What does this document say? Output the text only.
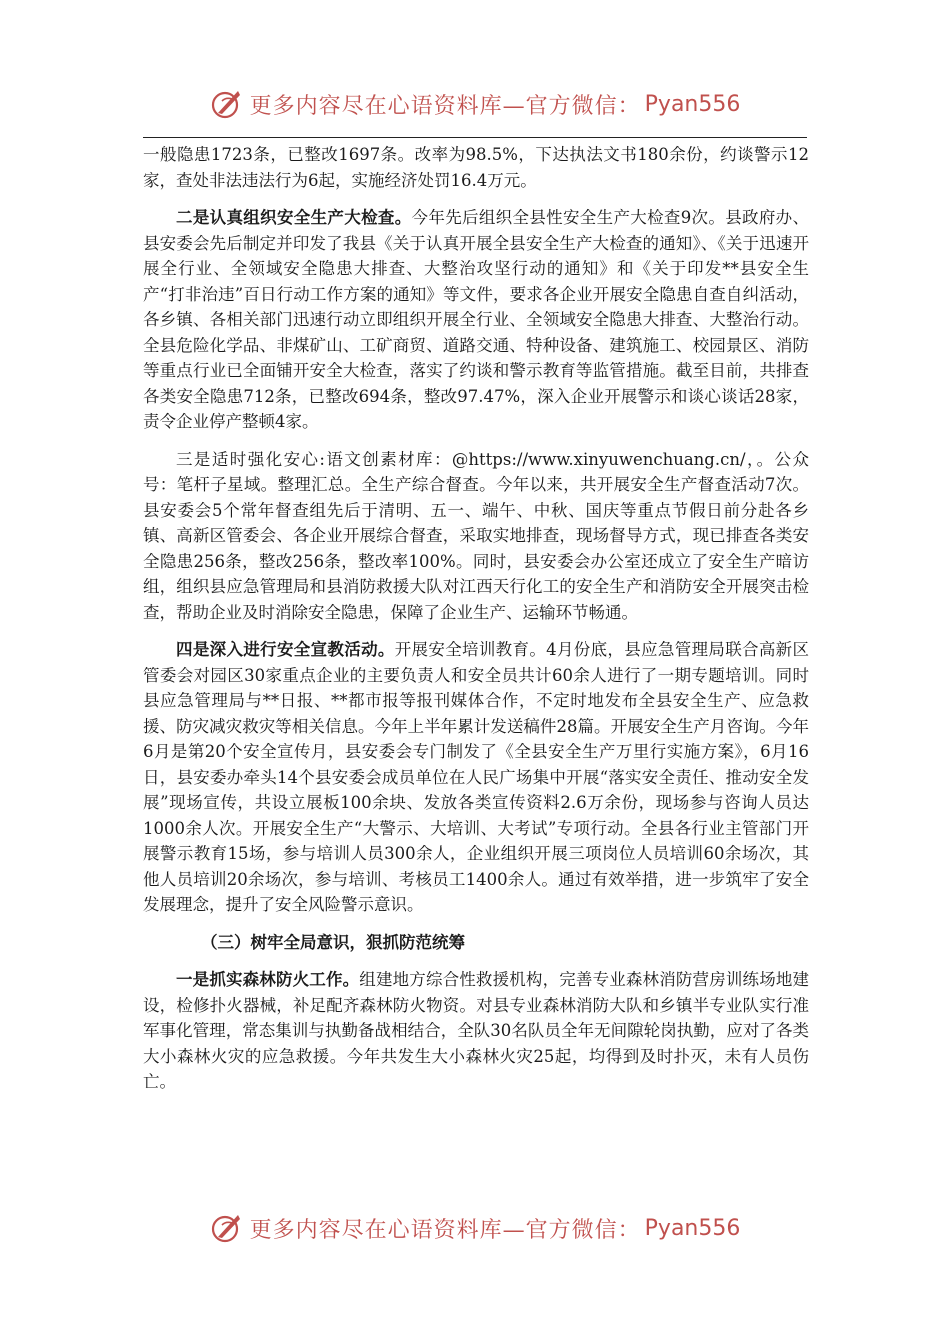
更多内容尽在心语资料库—官方微信： Pyan556

一般隐患1723条，已整改1697条。改率为98.5%，下达执法文书180余份，约谈警示12家，查处非法违法行为6起，实施经济处罚16.4万元。

二是认真组织安全生产大检查。今年先后组织全县性安全生产大检查9次。县政府办、县安委会先后制定并印发了我县《关于认真开展全县安全生产大检查的通知》、《关于迅速开展全行业、全领域安全隐患大排查、大整治攻坚行动的通知》和《关于印发**县安全生产“打非治违”百日行动工作方案的通知》等文件，要求各企业开展安全隐患自查自纠活动，各乡镇、各相关部门迅速行动立即组织开展全行业、全领域安全隐患大排查、大整治行动。全县危险化学品、非煤矿山、工矿商贸、道路交通、特种设备、建筑施工、校园景区、消防等重点行业已全面铺开安全大检查，落实了约谈和警示教育等监管措施。截至目前，共排查各类安全隐患712条，已整改694条，整改97.47%，深入企业开展警示和谈心谈话28家，责令企业停产整顿4家。

三是适时强化安心:语文创素材库：@https://www.xinyuwenchuang.cn/，。公众号：笔杆子星域。整理汇总。全生产综合督查。今年以来，共开展安全生产督查活动7次。县安委会5个常年督查组先后于清明、五一、端午、中秋、国庆等重点节假日前分赴各乡镇、高新区管委会、各企业开展综合督查，采取实地排查，现场督导方式，现已排查各类安全隐患256条，整改256条，整改率100%。同时，县安委会办公室还成立了安全生产暗访组，组织县应急管理局和县消防救援大队对江西天行化工的安全生产和消防安全开展突击检查，帮助企业及时消除安全隐患，保障了企业生产、运输环节畅通。

四是深入进行安全宣教活动。开展安全培训教育。4月份底，县应急管理局联合高新区管委会对园区30家重点企业的主要负责人和安全员共计60余人进行了一期专题培训。同时县应急管理局与**日报、**都市报等报刊媒体合作，不定时地发布全县安全生产、应急救援、防灾减灾救灾等相关信息。今年上半年累计发送稿件28篇。开展安全生产月咨询。今年6月是第20个安全宣传月，县安委会专门制发了《全县安全生产万里行实施方案》，6月16日，县安委办牵头14个县安委会成员单位在人民广场集中开展“落实安全责任、推动安全发展”现场宣传，共设立展板100余块、发放各类宣传资料2.6万余份，现场参与咨询人员达1000余人次。开展安全生产“大警示、大培训、大考试”专项行动。全县各行业主管部门开展警示教育15场，参与培训人员300余人，企业组织开展三项岗位人员培训60余场次，其他人员培训20余场次，参与培训、考核员工1400余人。通过有效举措，进一步筑牢了安全发展理念，提升了安全风险警示意识。

（三）树牢全局意识，狠抓防范统筹

一是抓实森林防火工作。组建地方综合性救援机构，完善专业森林消防营房训练场地建设，检修扑火器械，补足配齐森林防火物资。对县专业森林消防大队和乡镇半专业队实行准军事化管理，常态集训与执勤备战相结合，全队30名队员全年无间隙轮岗执勤，应对了各类大小森林火灾的应急救援。今年共发生大小森林火灾25起，均得到及时扑灭，未有人员伤亡。

更多内容尽在心语资料库—官方微信： Pyan556
